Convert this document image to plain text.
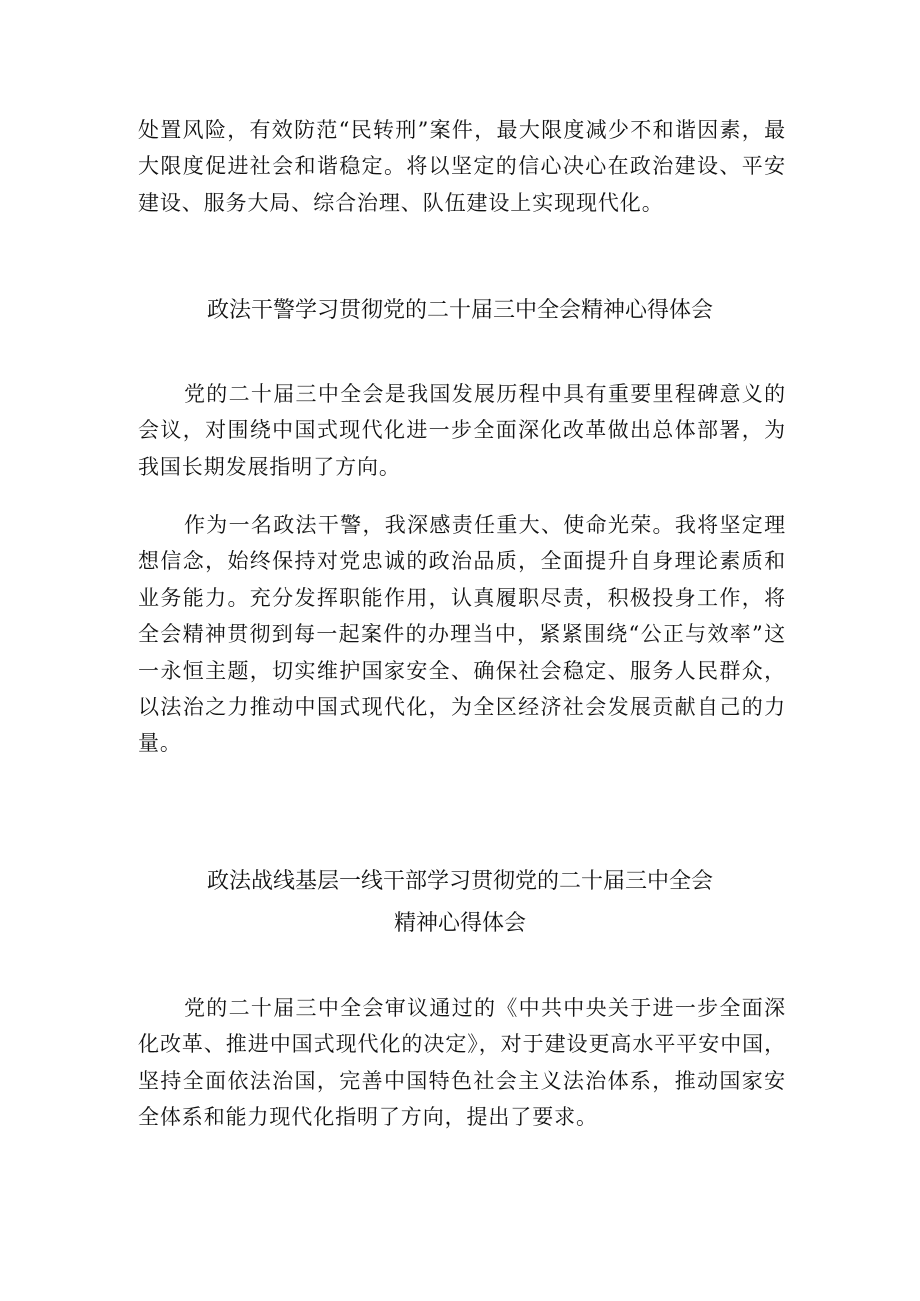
处置风险，有效防范“民转刑”案件，最大限度减少不和谐因素，最大限度促进社会和谐稳定。将以坚定的信心决心在政治建设、平安建设、服务大局、综合治理、队伍建设上实现现代化。

政法干警学习贯彻党的二十届三中全会精神心得体会

党的二十届三中全会是我国发展历程中具有重要里程碑意义的会议，对围绕中国式现代化进一步全面深化改革做出总体部署，为我国长期发展指明了方向。

作为一名政法干警，我深感责任重大、使命光荣。我将坚定理想信念，始终保持对党忠诚的政治品质，全面提升自身理论素质和业务能力。充分发挥职能作用，认真履职尽责，积极投身工作，将全会精神贯彻到每一起案件的办理当中，紧紧围绕“公正与效率”这一永恒主题，切实维护国家安全、确保社会稳定、服务人民群众，以法治之力推动中国式现代化，为全区经济社会发展贡献自己的力量。

政法战线基层一线干部学习贯彻党的二十届三中全会
精神心得体会

党的二十届三中全会审议通过的《中共中央关于进一步全面深化改革、推进中国式现代化的决定》，对于建设更高水平平安中国，坚持全面依法治国，完善中国特色社会主义法治体系，推动国家安全体系和能力现代化指明了方向，提出了要求。
